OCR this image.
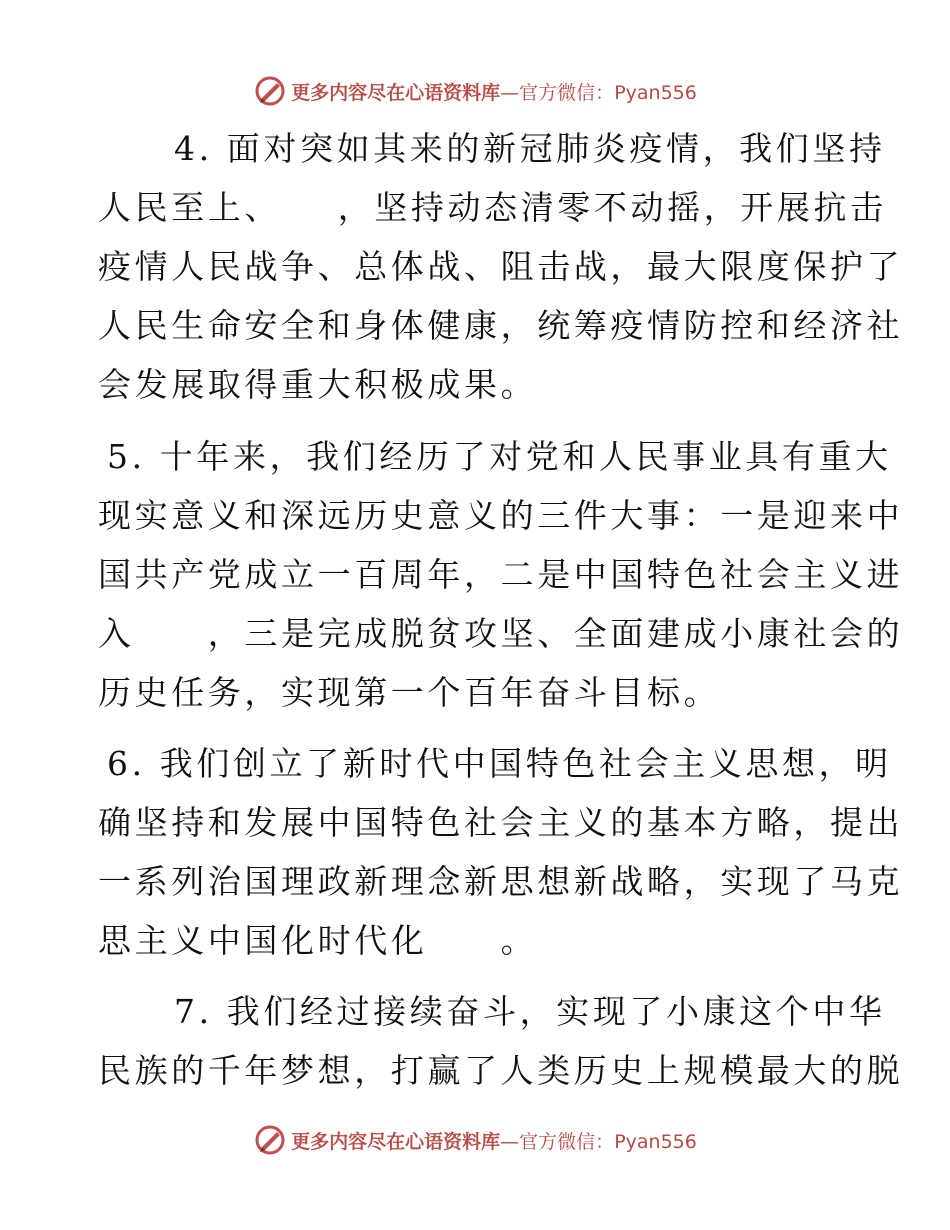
更多内容尽在心语资料库—官方微信：Pyan556
4. 面对突如其来的新冠肺炎疫情，我们坚持
人民至上、　　，坚持动态清零不动摇，开展抗击
疫情人民战争、总体战、阻击战，最大限度保护了
人民生命安全和身体健康，统筹疫情防控和经济社
会发展取得重大积极成果。
5. 十年来，我们经历了对党和人民事业具有重大
现实意义和深远历史意义的三件大事：一是迎来中
国共产党成立一百周年，二是中国特色社会主义进
入　　，三是完成脱贫攻坚、全面建成小康社会的
历史任务，实现第一个百年奋斗目标。
6. 我们创立了新时代中国特色社会主义思想，明
确坚持和发展中国特色社会主义的基本方略，提出
一系列治国理政新理念新思想新战略，实现了马克
思主义中国化时代化　　。
7. 我们经过接续奋斗，实现了小康这个中华
民族的千年梦想，打赢了人类历史上规模最大的脱
更多内容尽在心语资料库—官方微信：Pyan556
